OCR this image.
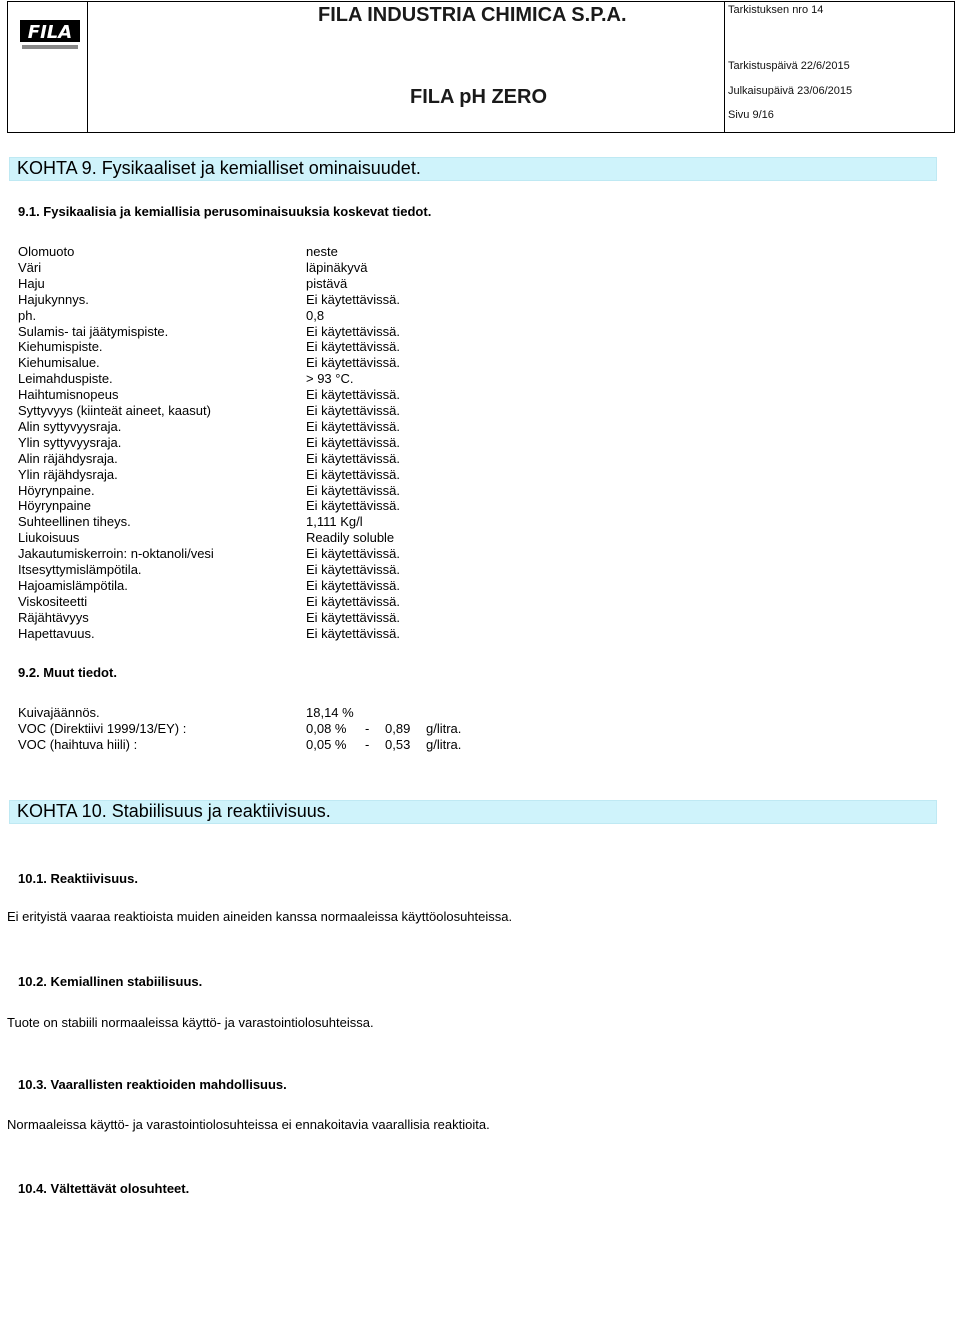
FILA
FILA INDUSTRIA CHIMICA S.P.A.
FILA pH ZERO
Tarkistuksen nro 14
Tarkistuspäivä 22/6/2015
Julkaisupäivä 23/06/2015
Sivu 9/16
KOHTA 9. Fysikaaliset ja kemialliset ominaisuudet.
9.1. Fysikaalisia ja kemiallisia perusominaisuuksia koskevat tiedot.
Olomuoto	neste
Väri	läpinäkyvä
Haju	pistävä
Hajukynnys.	Ei käytettävissä.
ph.	0,8
Sulamis- tai jäätymispiste.	Ei käytettävissä.
Kiehumispiste.	Ei käytettävissä.
Kiehumisalue.	Ei käytettävissä.
Leimahduspiste.	> 93 °C.
Haihtumisnopeus	Ei käytettävissä.
Syttyvyys (kiinteät aineet, kaasut)	Ei käytettävissä.
Alin syttyvyysraja.	Ei käytettävissä.
Ylin syttyvyysraja.	Ei käytettävissä.
Alin räjähdysraja.	Ei käytettävissä.
Ylin räjähdysraja.	Ei käytettävissä.
Höyrynpaine.	Ei käytettävissä.
Höyrynpaine	Ei käytettävissä.
Suhteellinen tiheys.	1,111 Kg/l
Liukoisuus	Readily soluble
Jakautumiskerroin: n-oktanoli/vesi	Ei käytettävissä.
Itsesyttymislämpötila.	Ei käytettävissä.
Hajoamislämpötila.	Ei käytettävissä.
Viskositeetti	Ei käytettävissä.
Räjähtävyys	Ei käytettävissä.
Hapettavuus.	Ei käytettävissä.
9.2. Muut tiedot.
Kuivajäännös.	18,14 %
VOC (Direktiivi 1999/13/EY) :	0,08 % - 0,89 g/litra.
VOC (haihtuva hiili) :	0,05 % - 0,53 g/litra.
KOHTA 10. Stabiilisuus ja reaktiivisuus.
10.1. Reaktiivisuus.
Ei erityistä vaaraa reaktioista muiden aineiden kanssa normaaleissa käyttöolosuhteissa.
10.2. Kemiallinen stabiilisuus.
Tuote on stabiili normaaleissa käyttö- ja varastointiolosuhteissa.
10.3. Vaarallisten reaktioiden mahdollisuus.
Normaaleissa käyttö- ja varastointiolosuhteissa ei ennakoitavia vaarallisia reaktioita.
10.4. Vältettävät olosuhteet.
